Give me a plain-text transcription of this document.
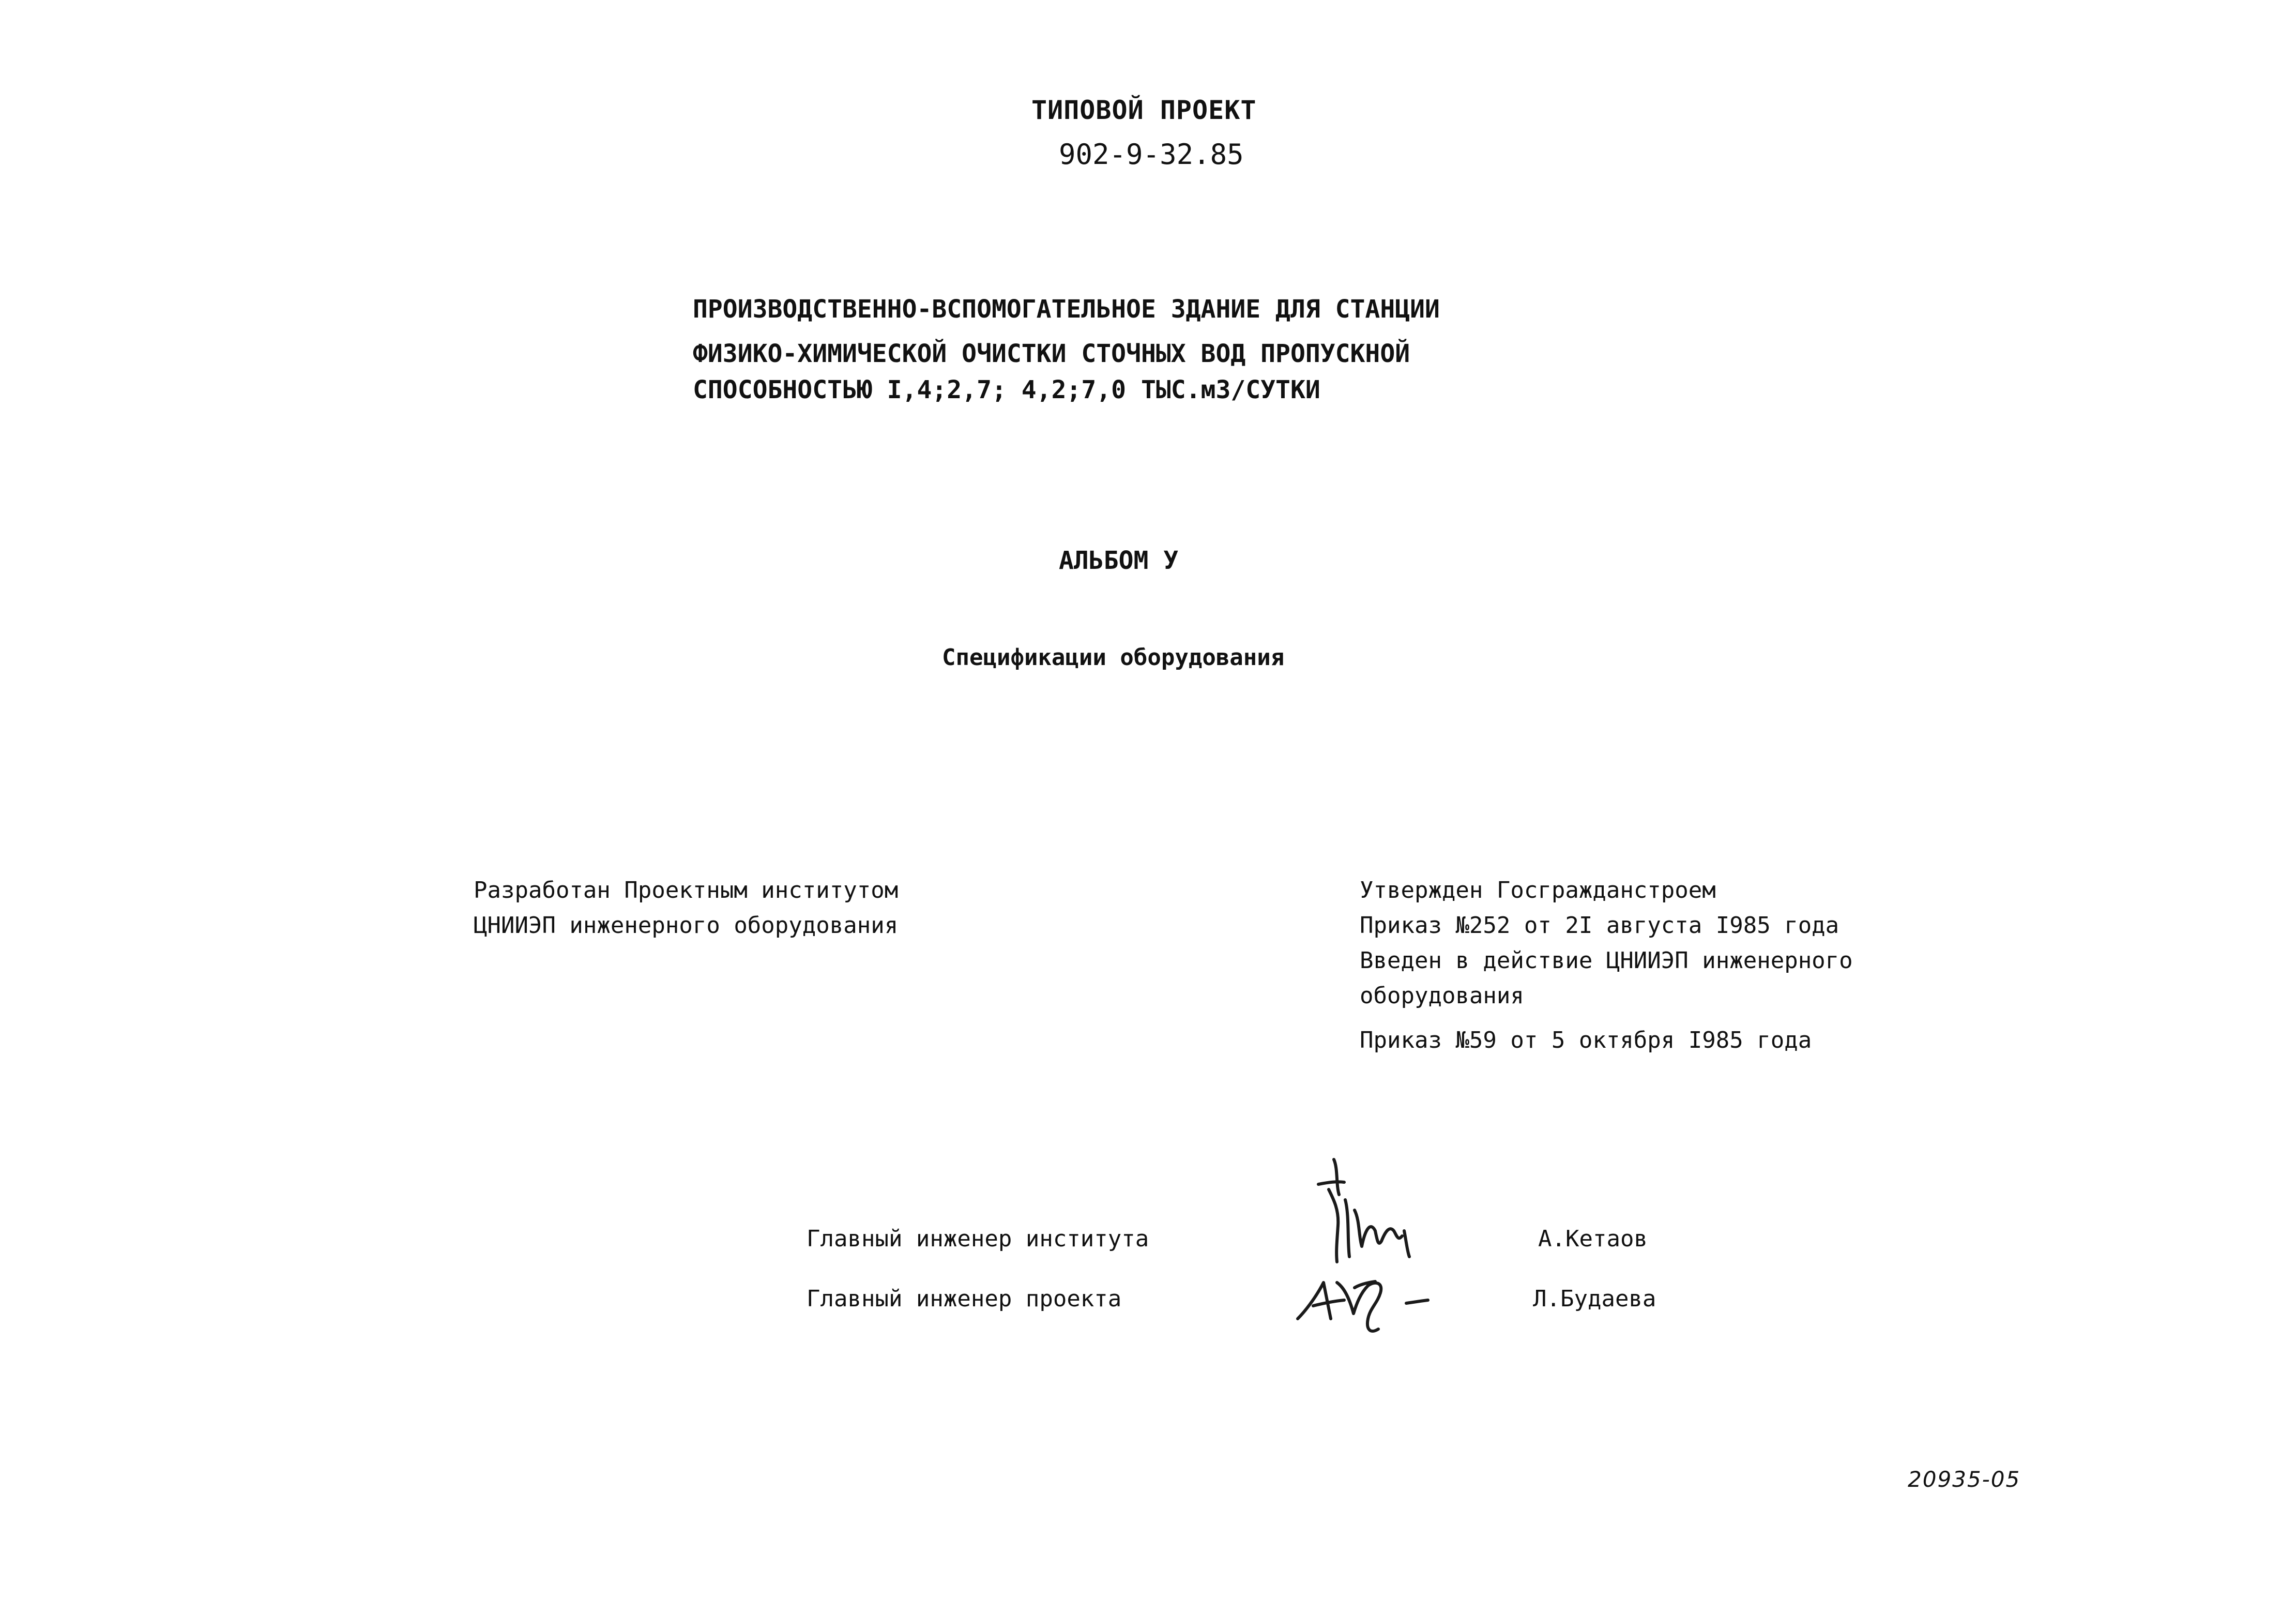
ТИПОВОЙ ПРОЕКТ
902-9-32.85
ПРОИЗВОДСТВЕННО-ВСПОМОГАТЕЛЬНОЕ ЗДАНИЕ ДЛЯ СТАНЦИИ
ФИЗИКО-ХИМИЧЕСКОЙ ОЧИСТКИ СТОЧНЫХ ВОД ПРОПУСКНОЙ
СПОСОБНОСТЬЮ I,4;2,7; 4,2;7,0 ТЫС.м3/СУТКИ
АЛЬБОМ У
Спецификации оборудования
Разработан Проектным институтом
ЦНИИЭП инженерного оборудования
Утвержден Госгражданстроем
Приказ №252 от 2I августа I985 года
Введен в действие ЦНИИЭП инженерного
оборудования
Приказ №59 от 5 октября I985 года
Главный инженер института	А.Кетаов
Главный инженер проекта	Л.Будаева
20935-05
